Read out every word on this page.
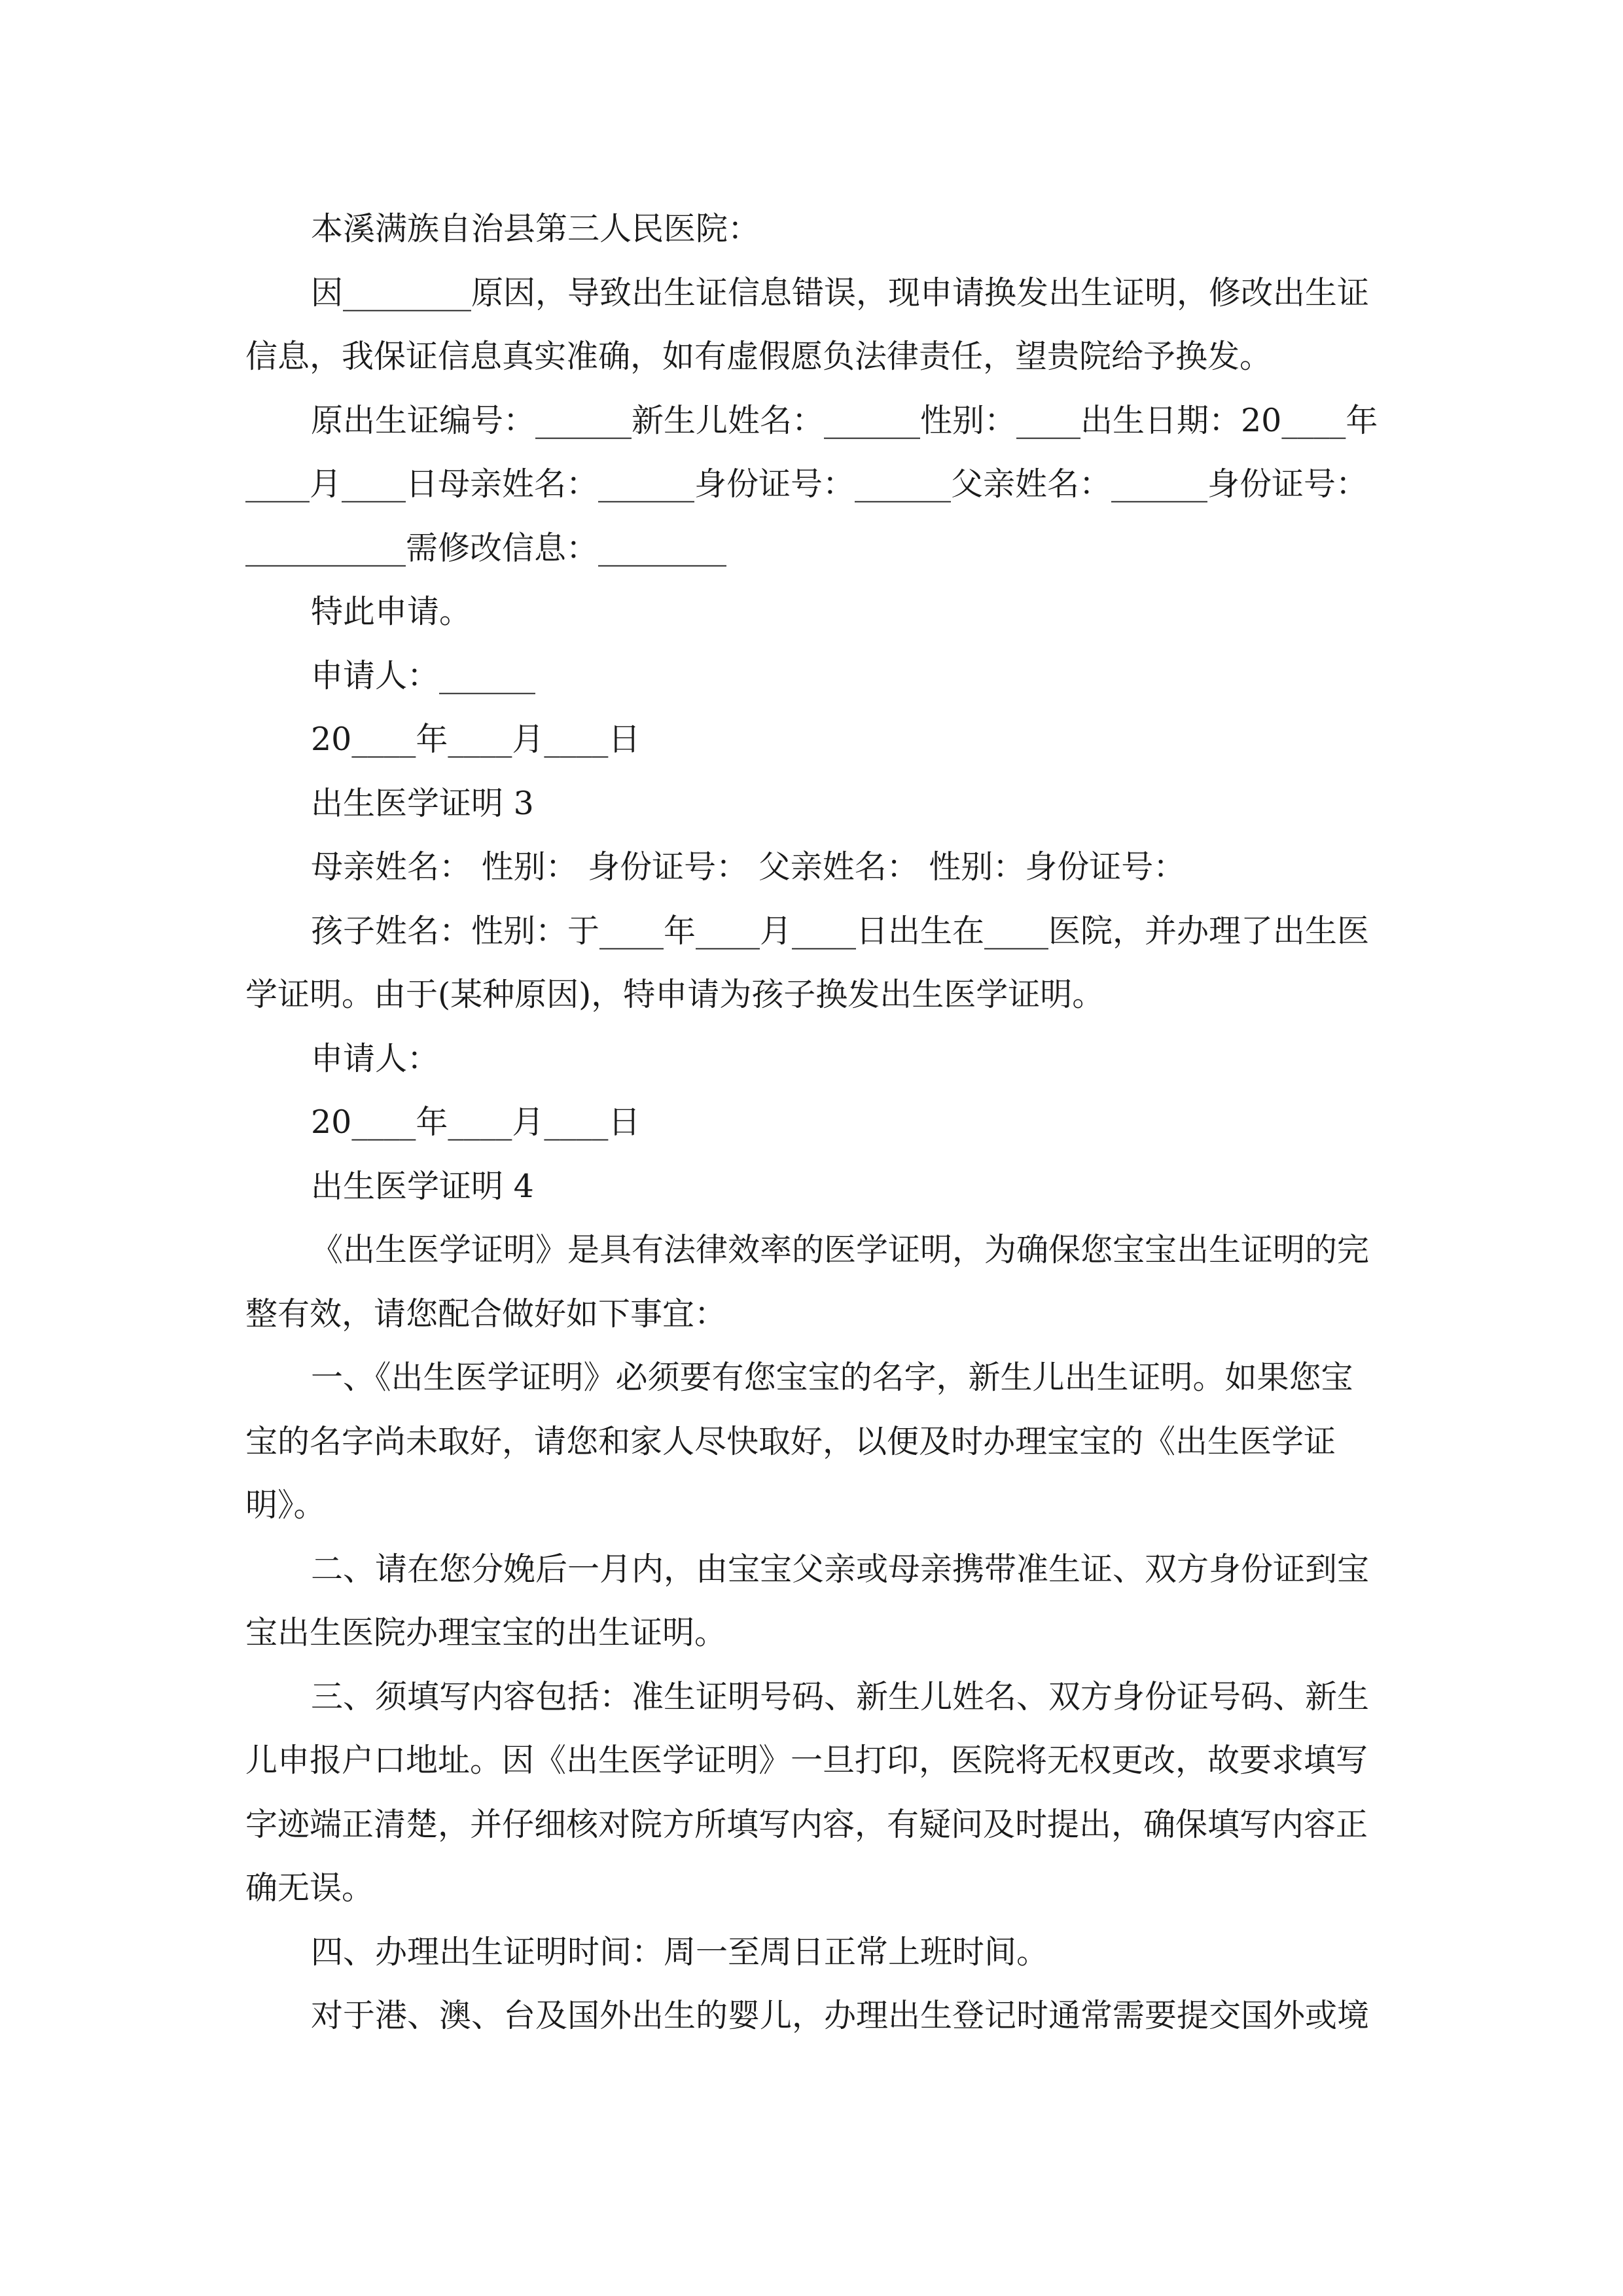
本溪满族自治县第三人民医院：
因________原因，导致出生证信息错误，现申请换发出生证明，修改出生证
信息，我保证信息真实准确，如有虚假愿负法律责任，望贵院给予换发。
原出生证编号：______新生儿姓名：______性别：____出生日期：20____年
____月____日母亲姓名：______身份证号：______父亲姓名：______身份证号：
__________需修改信息：________
特此申请。
申请人：______
20____年____月____日
出生医学证明 3
母亲姓名： 性别： 身份证号： 父亲姓名： 性别：身份证号：
孩子姓名：性别：于____年____月____日出生在____医院，并办理了出生医
学证明。由于(某种原因)，特申请为孩子换发出生医学证明。
申请人：
20____年____月____日
出生医学证明 4
《出生医学证明》是具有法律效率的医学证明，为确保您宝宝出生证明的完
整有效，请您配合做好如下事宜：
一、《出生医学证明》必须要有您宝宝的名字，新生儿出生证明。如果您宝
宝的名字尚未取好，请您和家人尽快取好，以便及时办理宝宝的《出生医学证
明》。
二、请在您分娩后一月内，由宝宝父亲或母亲携带准生证、双方身份证到宝
宝出生医院办理宝宝的出生证明。
三、须填写内容包括：准生证明号码、新生儿姓名、双方身份证号码、新生
儿申报户口地址。因《出生医学证明》一旦打印，医院将无权更改，故要求填写
字迹端正清楚，并仔细核对院方所填写内容，有疑问及时提出，确保填写内容正
确无误。
四、办理出生证明时间：周一至周日正常上班时间。
对于港、澳、台及国外出生的婴儿，办理出生登记时通常需要提交国外或境
